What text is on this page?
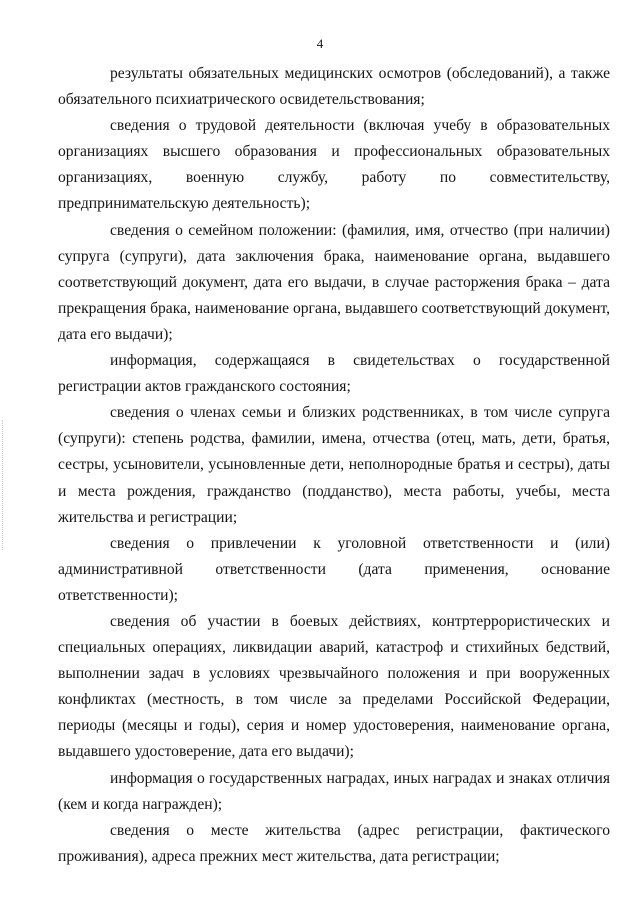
4

результаты обязательных медицинских осмотров (обследований), а также обязательного психиатрического освидетельствования;

сведения о трудовой деятельности (включая учебу в образовательных организациях высшего образования и профессиональных образовательных организациях, военную службу, работу по совместительству, предпринимательскую деятельность);

сведения о семейном положении: (фамилия, имя, отчество (при наличии) супруга (супруги), дата заключения брака, наименование органа, выдавшего соответствующий документ, дата его выдачи, в случае расторжения брака – дата прекращения брака, наименование органа, выдавшего соответствующий документ, дата его выдачи);

информация, содержащаяся в свидетельствах о государственной регистрации актов гражданского состояния;

сведения о членах семьи и близких родственниках, в том числе супруга (супруги): степень родства, фамилии, имена, отчества (отец, мать, дети, братья, сестры, усыновители, усыновленные дети, неполнородные братья и сестры), даты и места рождения, гражданство (подданство), места работы, учебы, места жительства и регистрации;

сведения о привлечении к уголовной ответственности и (или) административной ответственности (дата применения, основание ответственности);

сведения об участии в боевых действиях, контртеррористических и специальных операциях, ликвидации аварий, катастроф и стихийных бедствий, выполнении задач в условиях чрезвычайного положения и при вооруженных конфликтах (местность, в том числе за пределами Российской Федерации, периоды (месяцы и годы), серия и номер удостоверения, наименование органа, выдавшего удостоверение, дата его выдачи);

информация о государственных наградах, иных наградах и знаках отличия (кем и когда награжден);

сведения о месте жительства (адрес регистрации, фактического проживания), адреса прежних мест жительства, дата регистрации;
